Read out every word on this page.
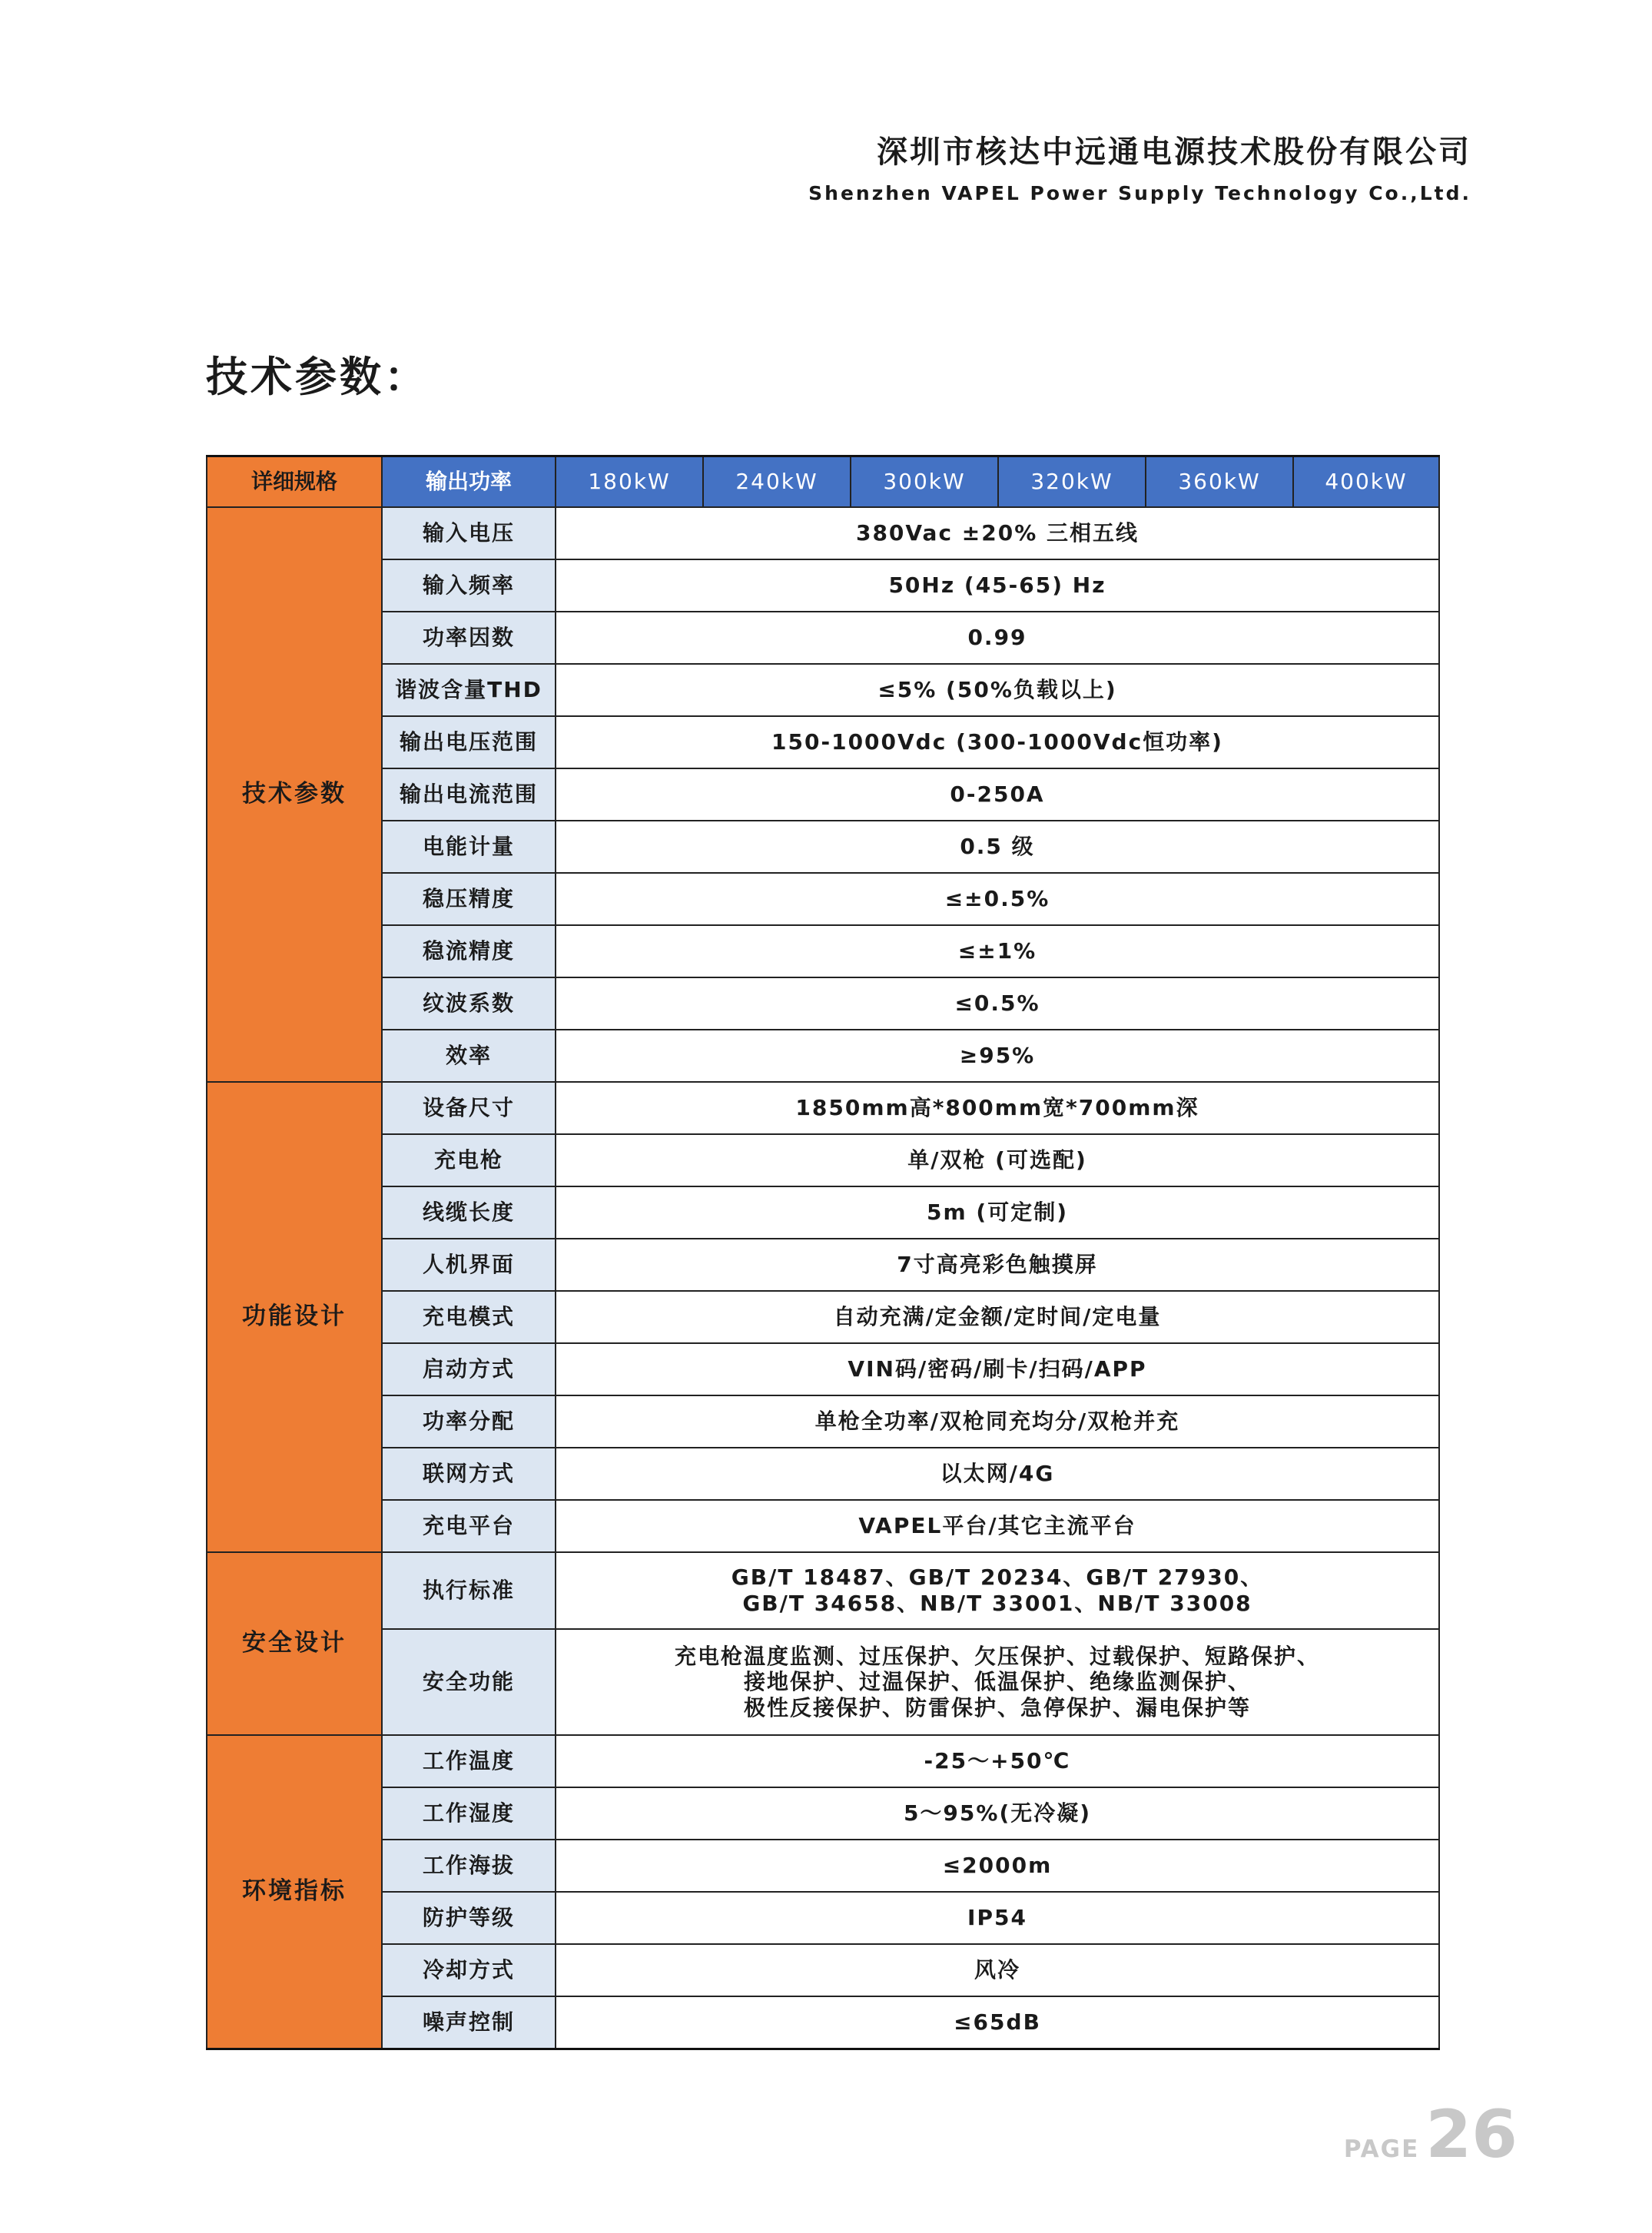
深圳市核达中远通电源技术股份有限公司
Shenzhen VAPEL Power Supply Technology Co.,Ltd.
技术参数：
详细规格	输出功率	180kW	240kW	300kW	320kW	360kW	400kW
技术参数	输入电压	380Vac ±20% 三相五线					
	输入频率	50Hz (45-65) Hz					
	功率因数	0.99					
	谐波含量THD	≤5% (50%负载以上)					
	输出电压范围	150-1000Vdc (300-1000Vdc恒功率)					
	输出电流范围	0-250A					
	电能计量	0.5 级					
	稳压精度	≤±0.5%					
	稳流精度	≤±1%					
	纹波系数	≤0.5%					
	效率	≥95%					
功能设计	设备尺寸	1850mm高*800mm宽*700mm深					
	充电枪	单/双枪 (可选配)					
	线缆长度	5m (可定制)					
	人机界面	7寸高亮彩色触摸屏					
	充电模式	自动充满/定金额/定时间/定电量					
	启动方式	VIN码/密码/刷卡/扫码/APP					
	功率分配	单枪全功率/双枪同充均分/双枪并充					
	联网方式	以太网/4G					
	充电平台	VAPEL平台/其它主流平台					
安全设计	执行标准	GB/T 18487、GB/T 20234、GB/T 27930、
GB/T 34658、NB/T 33001、NB/T 33008					

	安全功能	充电枪温度监测、过压保护、欠压保护、过载保护、短路保护、
接地保护、过温保护、低温保护、绝缘监测保护、
极性反接保护、防雷保护、急停保护、漏电保护等					

环境指标	工作温度	-25～+50℃					
	工作湿度	5～95%(无冷凝)					
	工作海拔	≤2000m					
	防护等级	IP54					
	冷却方式	风冷					
	噪声控制	≤65dB					
PAGE26
